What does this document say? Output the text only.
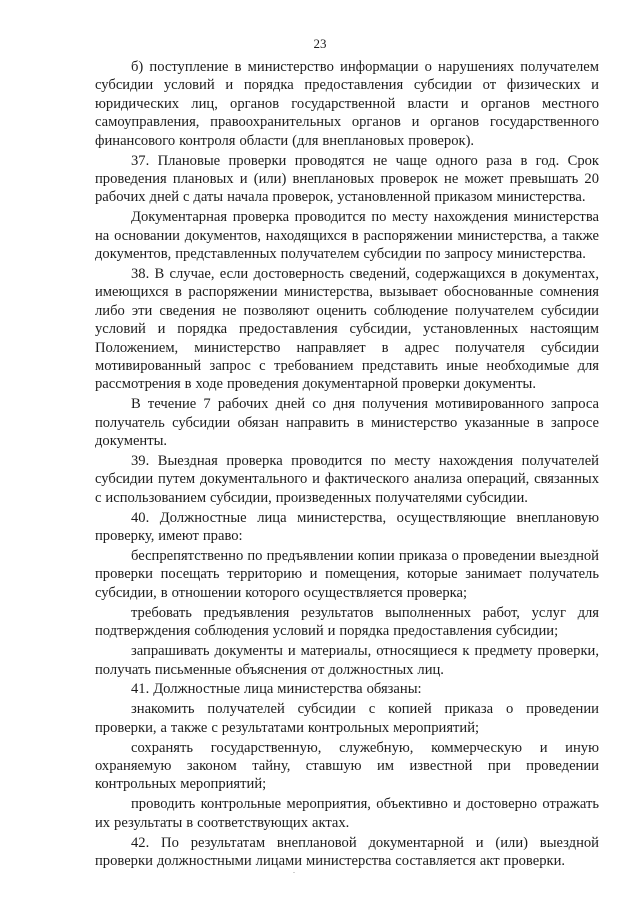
23

б) поступление в министерство информации о нарушениях получателем субсидии условий и порядка предоставления субсидии от физических и юридических лиц, органов государственной власти и органов местного самоуправления, правоохранительных органов и органов государственного финансового контроля области (для внеплановых проверок).

37. Плановые проверки проводятся не чаще одного раза в год. Срок проведения плановых и (или) внеплановых проверок не может превышать 20 рабочих дней с даты начала проверок, установленной приказом министерства.

Документарная проверка проводится по месту нахождения министерства на основании документов, находящихся в распоряжении министерства, а также документов, представленных получателем субсидии по запросу министерства.

38. В случае, если достоверность сведений, содержащихся в документах, имеющихся в распоряжении министерства, вызывает обоснованные сомнения либо эти сведения не позволяют оценить соблюдение получателем субсидии условий и порядка предоставления субсидии, установленных настоящим Положением, министерство направляет в адрес получателя субсидии мотивированный запрос с требованием представить иные необходимые для рассмотрения в ходе проведения документарной проверки документы.

В течение 7 рабочих дней со дня получения мотивированного запроса получатель субсидии обязан направить в министерство указанные в запросе документы.

39. Выездная проверка проводится по месту нахождения получателей субсидии путем документального и фактического анализа операций, связанных с использованием субсидии, произведенных получателями субсидии.

40. Должностные лица министерства, осуществляющие внеплановую проверку, имеют право:

беспрепятственно по предъявлении копии приказа о проведении выездной проверки посещать территорию и помещения, которые занимает получатель субсидии, в отношении которого осуществляется проверка;

требовать предъявления результатов выполненных работ, услуг для подтверждения соблюдения условий и порядка предоставления субсидии;

запрашивать документы и материалы, относящиеся к предмету проверки, получать письменные объяснения от должностных лиц.

41. Должностные лица министерства обязаны:

знакомить получателей субсидии с копией приказа о проведении проверки, а также с результатами контрольных мероприятий;

сохранять государственную, служебную, коммерческую и иную охраняемую законом тайну, ставшую им известной при проведении контрольных мероприятий;

проводить контрольные мероприятия, объективно и достоверно отражать их результаты в соответствующих актах.

42. По результатам внеплановой документарной и (или) выездной проверки должностными лицами министерства составляется акт проверки.
